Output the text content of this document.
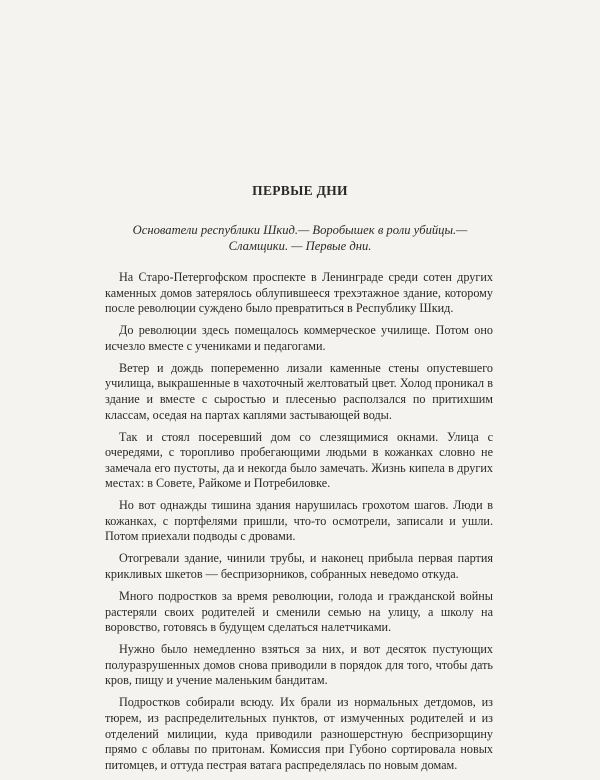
ПЕРВЫЕ ДНИ

Основатели республики Шкид.— Воробышек в роли убийцы.— Сламщики. — Первые дни.

На Старо-Петергофском проспекте в Ленинграде среди сотен других каменных домов затерялось облупившееся трехэтажное здание, которому после революции суждено было превратиться в Республику Шкид.

До революции здесь помещалось коммерческое училище. Потом оно исчезло вместе с учениками и педагогами.

Ветер и дождь попеременно лизали каменные стены опустевшего училища, выкрашенные в чахоточный желтоватый цвет. Холод проникал в здание и вместе с сыростью и плесенью расползался по притихшим классам, оседая на партах каплями застывающей воды.

Так и стоял посеревший дом со слезящимися окнами. Улица с очередями, с торопливо пробегающими людьми в кожанках словно не замечала его пустоты, да и некогда было замечать. Жизнь кипела в других местах: в Совете, Райкоме и Потребиловке.

Но вот однажды тишина здания нарушилась грохотом шагов. Люди в кожанках, с портфелями пришли, что-то осмотрели, записали и ушли. Потом приехали подводы с дровами.

Отогревали здание, чинили трубы, и наконец прибыла первая партия крикливых шкетов — беспризорников, собранных неведомо откуда.

Много подростков за время революции, голода и гражданской войны растеряли своих родителей и сменили семью на улицу, а школу на воровство, готовясь в будущем сделаться налетчиками.

Нужно было немедленно взяться за них, и вот десяток пустующих полуразрушенных домов снова приводили в порядок для того, чтобы дать кров, пищу и учение маленьким бандитам.

Подростков собирали всюду. Их брали из нормальных детдомов, из тюрем, из распределительных пунктов, от измученных родителей и из отделений милиции, куда приводили разношерстную беспризорщину прямо с облавы по притонам. Комиссия при Губоно сортировала новых питомцев, и оттуда пестрая ватага распределялась по новым домам.
